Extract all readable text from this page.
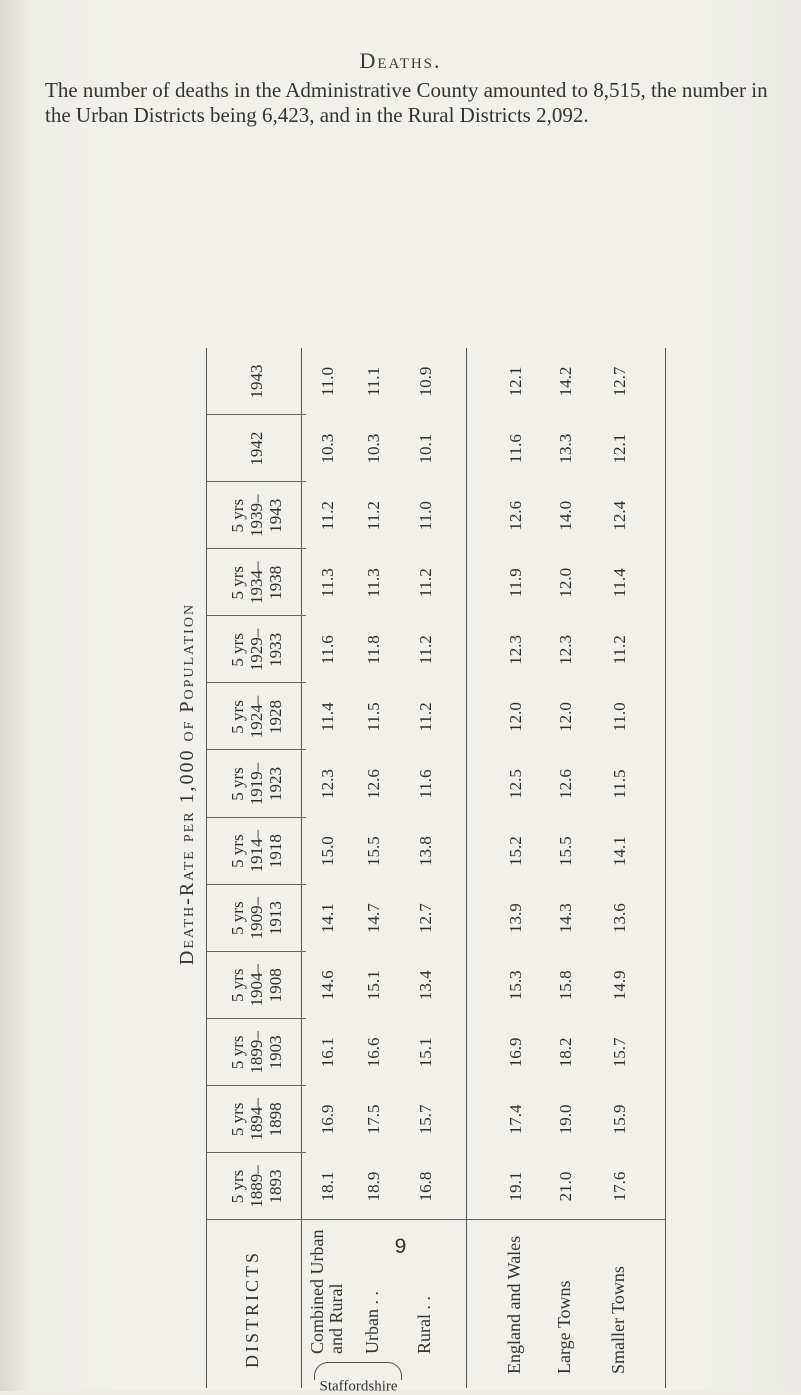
Deaths.
The number of deaths in the Administrative County amounted to 8,515, the number in the Urban Districts being 6,423, and in the Rural Districts 2,092.
DISTRICTS
5 yrs 1889– 1893
5 yrs 1894– 1898
5 yrs 1899– 1903
5 yrs 1904– 1908
5 yrs 1909– 1913
5 yrs 1914– 1918
5 yrs 1919– 1923
5 yrs 1924– 1928
5 yrs 1929– 1933
5 yrs 1934– 1938
5 yrs 1939– 1943
1942
1943
Death-Rate per 1,000 of Population
Combined Urban and Rural
18.1
16.9
16.1
14.6
14.1
15.0
12.3
11.4
11.6
11.3
11.2
10.3
11.0
Urban . .
18.9
17.5
16.6
15.1
14.7
15.5
12.6
11.5
11.8
11.3
11.2
10.3
11.1
Rural . .
16.8
15.7
15.1
13.4
12.7
13.8
11.6
11.2
11.2
11.2
11.0
10.1
10.9
England and Wales
19.1
17.4
16.9
15.3
13.9
15.2
12.5
12.0
12.3
11.9
12.6
11.6
12.1
Large Towns
21.0
19.0
18.2
15.8
14.3
15.5
12.6
12.0
12.3
12.0
14.0
13.3
14.2
Smaller Towns
17.6
15.9
15.7
14.9
13.6
14.1
11.5
11.0
11.2
11.4
12.4
12.1
12.7
Staffordshire
9
